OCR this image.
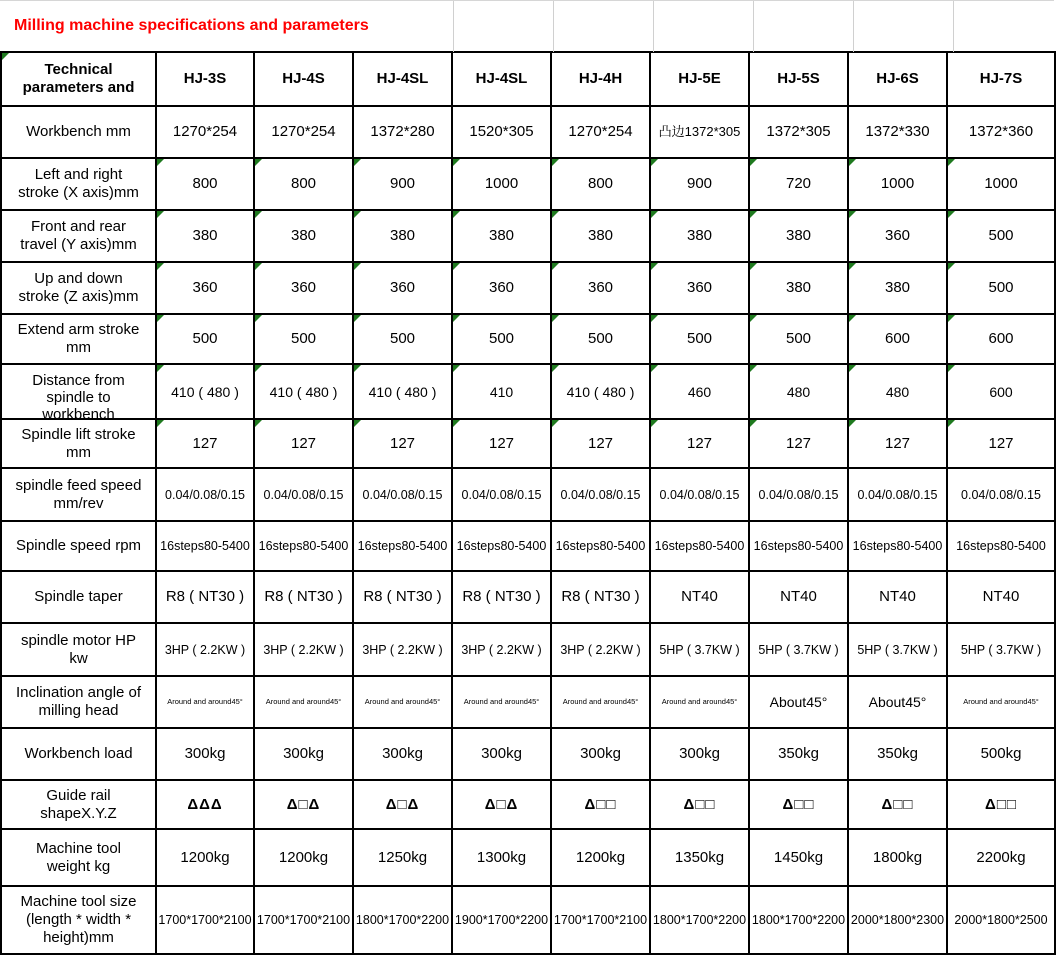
Milling machine specifications and parameters
Technical
parameters and	HJ-3S	HJ-4S	HJ-4SL	HJ-4SL	HJ-4H	HJ-5E	HJ-5S	HJ-6S	HJ-7S

Workbench mm	1270*254	1270*254	1372*280	1520*305	1270*254	凸边1372*305	1372*305	1372*330	1372*360

Left and right
stroke (X axis)mm	800	800	900	1000	800	900	720	1000	1000

Front and rear
travel (Y axis)mm	380	380	380	380	380	380	380	360	500

Up and down
stroke (Z axis)mm	360	360	360	360	360	360	380	380	500

Extend arm stroke
mm	500	500	500	500	500	500	500	600	600

Distance from
spindle to
workbench	410 ( 480 )	410 ( 480 )	410 ( 480 )	410	410 ( 480 )	460	480	480	600

Spindle lift stroke
mm	127	127	127	127	127	127	127	127	127

spindle feed speed
mm/rev	0.04/0.08/0.15	0.04/0.08/0.15	0.04/0.08/0.15	0.04/0.08/0.15	0.04/0.08/0.15	0.04/0.08/0.15	0.04/0.08/0.15	0.04/0.08/0.15	0.04/0.08/0.15

Spindle speed rpm	16steps80-5400	16steps80-5400	16steps80-5400	16steps80-5400	16steps80-5400	16steps80-5400	16steps80-5400	16steps80-5400	16steps80-5400

Spindle taper	R8 ( NT30 )	R8 ( NT30 )	R8 ( NT30 )	R8 ( NT30 )	R8 ( NT30 )	NT40	NT40	NT40	NT40

spindle motor HP
kw	3HP ( 2.2KW )	3HP ( 2.2KW )	3HP ( 2.2KW )	3HP ( 2.2KW )	3HP ( 2.2KW )	5HP ( 3.7KW )	5HP ( 3.7KW )	5HP ( 3.7KW )	5HP ( 3.7KW )

Inclination angle of
milling head	Around and around45°	Around and around45°	Around and around45°	Around and around45°	Around and around45°	Around and around45°	About45°	About45°	Around and around45°

Workbench load	300kg	300kg	300kg	300kg	300kg	300kg	350kg	350kg	500kg

Guide rail
shapeX.Y.Z	ΔΔΔ	Δ□Δ	Δ□Δ	Δ□Δ	Δ□□	Δ□□	Δ□□	Δ□□	Δ□□

Machine tool
weight kg	1200kg	1200kg	1250kg	1300kg	1200kg	1350kg	1450kg	1800kg	2200kg

Machine tool size
(length * width *
height)mm	1700*1700*2100	1700*1700*2100	1800*1700*2200	1900*1700*2200	1700*1700*2100	1800*1700*2200	1800*1700*2200	2000*1800*2300	2000*1800*2500
